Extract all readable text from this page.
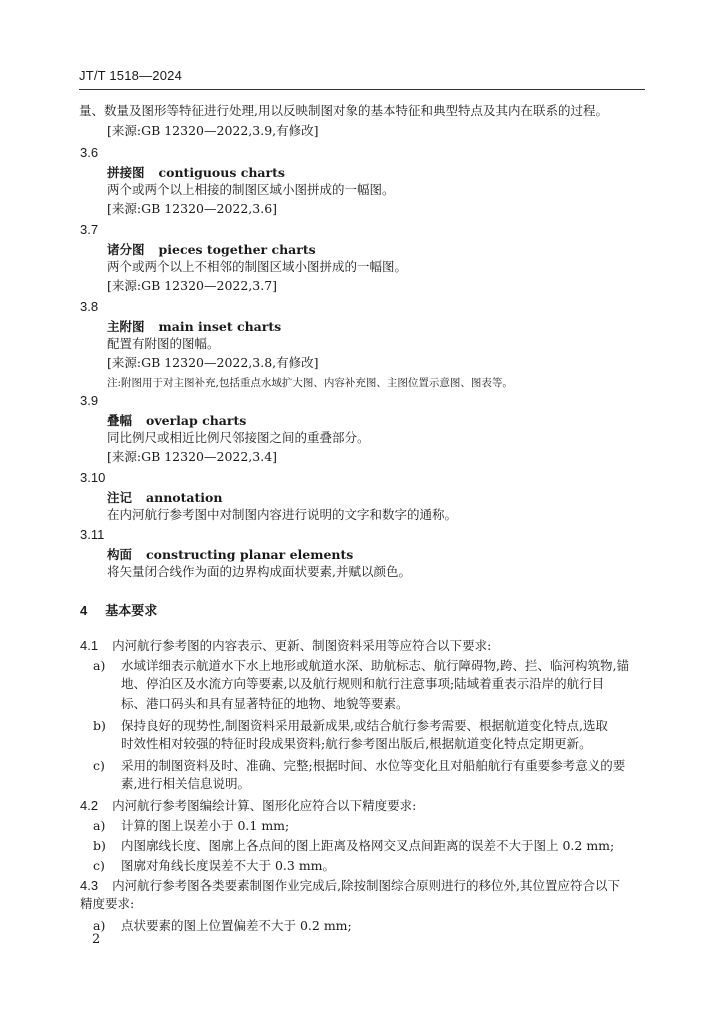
JT/T 1518—2024
量、数量及图形等特征进行处理,用以反映制图对象的基本特征和典型特点及其内在联系的过程。
[来源:GB 12320—2022,3.9,有修改]
3.6
拼接图 contiguous charts
两个或两个以上相接的制图区域小图拼成的一幅图。
[来源:GB 12320—2022,3.6]
3.7
诸分图 pieces together charts
两个或两个以上不相邻的制图区域小图拼成的一幅图。
[来源:GB 12320—2022,3.7]
3.8
主附图 main inset charts
配置有附图的图幅。
[来源:GB 12320—2022,3.8,有修改]
注:附图用于对主图补充,包括重点水域扩大图、内容补充图、主图位置示意图、图表等。
3.9
叠幅 overlap charts
同比例尺或相近比例尺邻接图之间的重叠部分。
[来源:GB 12320—2022,3.4]
3.10
注记 annotation
在内河航行参考图中对制图内容进行说明的文字和数字的通称。
3.11
构面 constructing planar elements
将矢量闭合线作为面的边界构成面状要素,并赋以颜色。
4 基本要求
4.1 内河航行参考图的内容表示、更新、制图资料采用等应符合以下要求:
a) 水域详细表示航道水下水上地形或航道水深、助航标志、航行障碍物,跨、拦、临河构筑物,锚
地、停泊区及水流方向等要素,以及航行规则和航行注意事项;陆域着重表示沿岸的航行目
标、港口码头和具有显著特征的地物、地貌等要素。
b) 保持良好的现势性,制图资料采用最新成果,或结合航行参考需要、根据航道变化特点,选取
时效性相对较强的特征时段成果资料;航行参考图出版后,根据航道变化特点定期更新。
c) 采用的制图资料及时、准确、完整;根据时间、水位等变化且对船舶航行有重要参考意义的要
素,进行相关信息说明。
4.2 内河航行参考图编绘计算、图形化应符合以下精度要求:
a) 计算的图上误差小于 0.1 mm;
b) 内图廓线长度、图廓上各点间的图上距离及格网交叉点间距离的误差不大于图上 0.2 mm;
c) 图廓对角线长度误差不大于 0.3 mm。
4.3 内河航行参考图各类要素制图作业完成后,除按制图综合原则进行的移位外,其位置应符合以下
精度要求:
a) 点状要素的图上位置偏差不大于 0.2 mm;
2
